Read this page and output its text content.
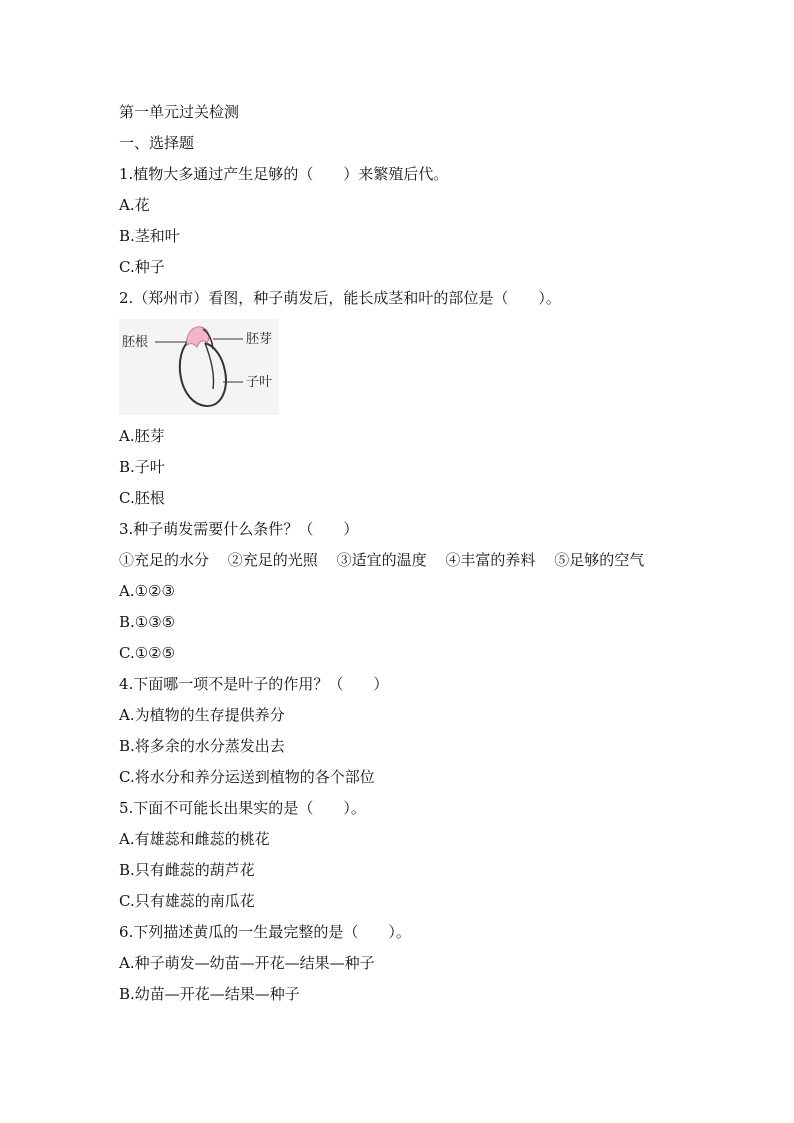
第一单元过关检测
一、选择题
1.植物大多通过产生足够的（　　）来繁殖后代。
A.花
B.茎和叶
C.种子
2.（郑州市）看图，种子萌发后，能长成茎和叶的部位是（　　）。
胚根	胚芽
子叶
A.胚芽
B.子叶
C.胚根
3.种子萌发需要什么条件？（　　）
①充足的水分 ②充足的光照 ③适宜的温度 ④丰富的养料 ⑤足够的空气
A.①②③
B.①③⑤
C.①②⑤
4.下面哪一项不是叶子的作用？（　　）
A.为植物的生存提供养分
B.将多余的水分蒸发出去
C.将水分和养分运送到植物的各个部位
5.下面不可能长出果实的是（　　）。
A.有雄蕊和雌蕊的桃花
B.只有雌蕊的葫芦花
C.只有雄蕊的南瓜花
6.下列描述黄瓜的一生最完整的是（　　）。
A.种子萌发—幼苗—开花—结果—种子
B.幼苗—开花—结果—种子
